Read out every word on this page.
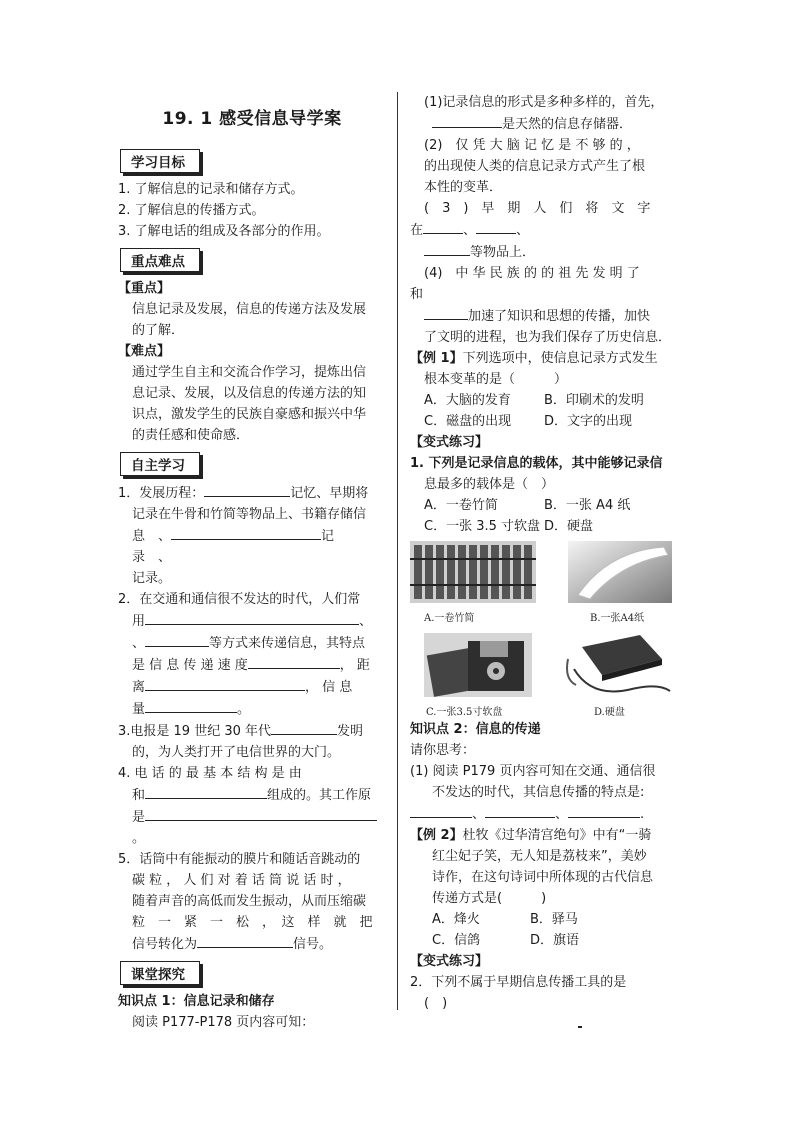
19. 1 感受信息导学案
学习目标

1. 了解信息的记录和储存方式。

2. 了解信息的传播方式。

3. 了解电话的组成及各部分的作用。

重点难点

【重点】

信息记录及发展，信息的传递方法及发展

的了解．

【难点】

通过学生自主和交流合作学习，提炼出信

息记录、发展，以及信息的传递方法的知

识点，激发学生的民族自豪感和振兴中华

的责任感和使命感．

自主学习

1．发展历程：	记忆、早期将

记录在牛骨和竹简等物品上、书籍存储信

息　、	记　录　、

记录。

2．在交通和通信很不发达的时代，人们常

用	、

、	等方式来传递信息，其特点

是 信 息 传 递 速 度	， 距

离	， 信 息

量	。

3.电报是 19 世纪 30 年代	发明

的，为人类打开了电信世界的大门。

4. 电 话 的 最 基 本 结 构 是 由

和	组成的。其工作原

是

。

5．话筒中有能振动的膜片和随话音跳动的

碳 粒 ， 人 们 对 着 话 筒 说 话 时 ，

随着声音的高低而发生振动，从而压缩碳

粒　一　紧　一　松　，　这　样　就　把

信号转化为	信号。

课堂探究

知识点 1：信息记录和储存

阅读 P177-P178 页内容可知：

(1)记录信息的形式是多种多样的，首先，

是天然的信息存储器．

(2)　仅 凭 大 脑 记 忆 是 不 够 的 ，

的出现使人类的信息记录方式产生了根

本性的变革．

(　3　)　早　期　人　们　将　文　字

在	、	、

等物品上．

(4)　中 华 民 族 的 的 祖 先 发 明 了

和

加速了知识和思想的传播，加快

了文明的进程，也为我们保存了历史信息．

【例 1】下列选项中，使信息记录方式发生

根本变革的是（　　　）

A．大脑的发育	B．印刷术的发明

C．磁盘的出现	D．文字的出现

【变式练习】

1. 下列是记录信息的载体，其中能够记录信

息最多的载体是（　）

A．一卷竹简	B．一张 A4 纸

C．一张 3.5 寸软盘 D．硬盘

A.一卷竹简	B.一张A4纸
C.一张3.5寸软盘	D.硬盘

知识点 2：信息的传递

请你思考：

(1) 阅读 P179 页内容可知在交通、通信很

不发达的时代，其信息传播的特点是:

、	、	.

【例 2】杜牧《过华清宫绝句》中有“一骑

红尘妃子笑，无人知是荔枝来”，美妙

诗作，在这句诗词中所体现的古代信息

传递方式是(　　　)

A．烽火	B．驿马

C．信鸽	D．旗语

【变式练习】

2．下列不属于早期信息传播工具的是

(　)
